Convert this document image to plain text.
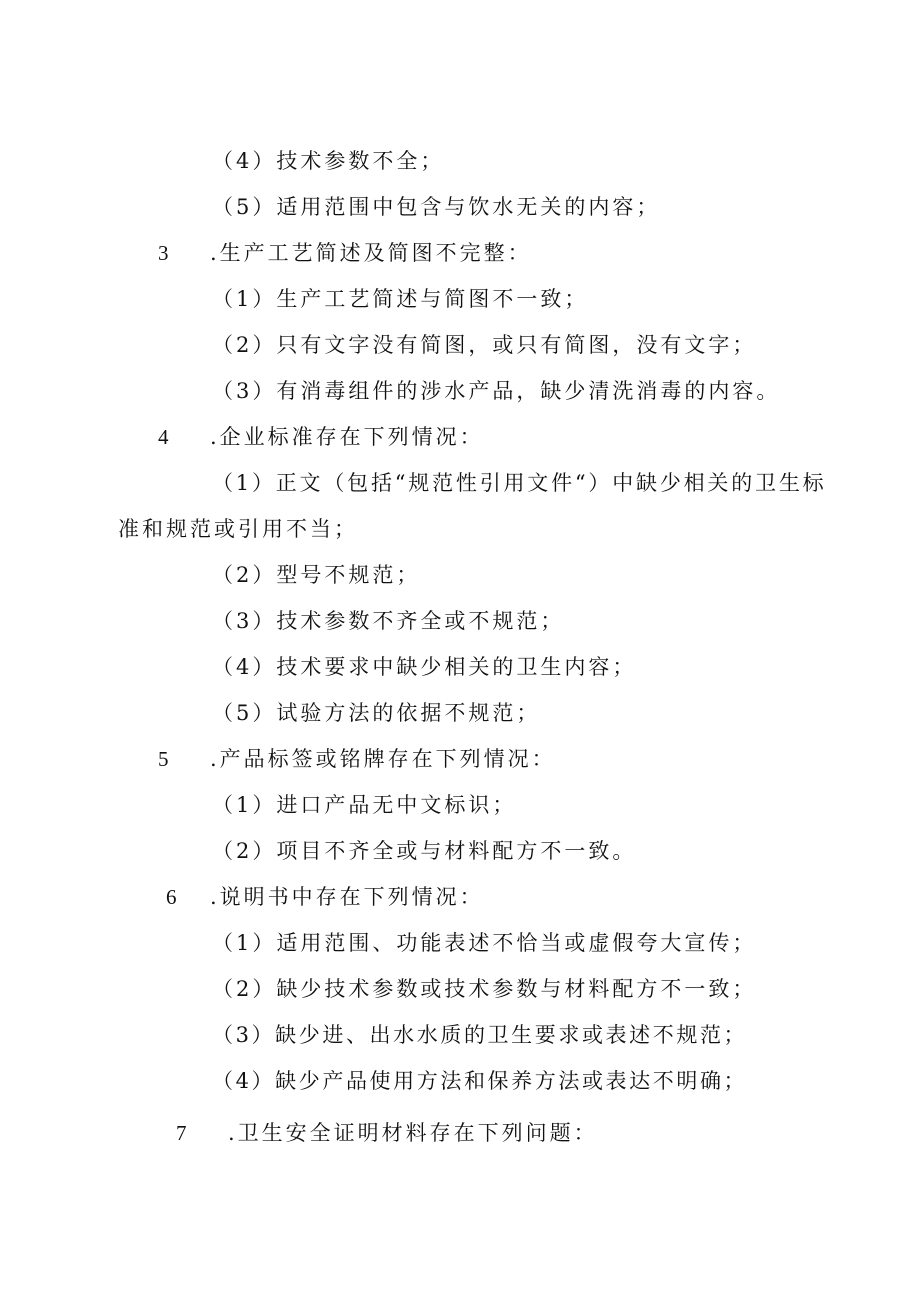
（4）技术参数不全；
（5）适用范围中包含与饮水无关的内容；
3 .生产工艺简述及简图不完整：
（1）生产工艺简述与简图不一致；
（2）只有文字没有简图，或只有简图，没有文字；
（3）有消毒组件的涉水产品，缺少清洗消毒的内容。
4 .企业标准存在下列情况：
（1）正文（包括“规范性引用文件“）中缺少相关的卫生标
准和规范或引用不当；
（2）型号不规范；
（3）技术参数不齐全或不规范；
（4）技术要求中缺少相关的卫生内容；
（5）试验方法的依据不规范；
5 .产品标签或铭牌存在下列情况：
（1）进口产品无中文标识；
（2）项目不齐全或与材料配方不一致。
6 .说明书中存在下列情况：
（1）适用范围、功能表述不恰当或虚假夸大宣传；
（2）缺少技术参数或技术参数与材料配方不一致；
（3）缺少进、出水水质的卫生要求或表述不规范；
（4）缺少产品使用方法和保养方法或表达不明确；
7 .卫生安全证明材料存在下列问题：
